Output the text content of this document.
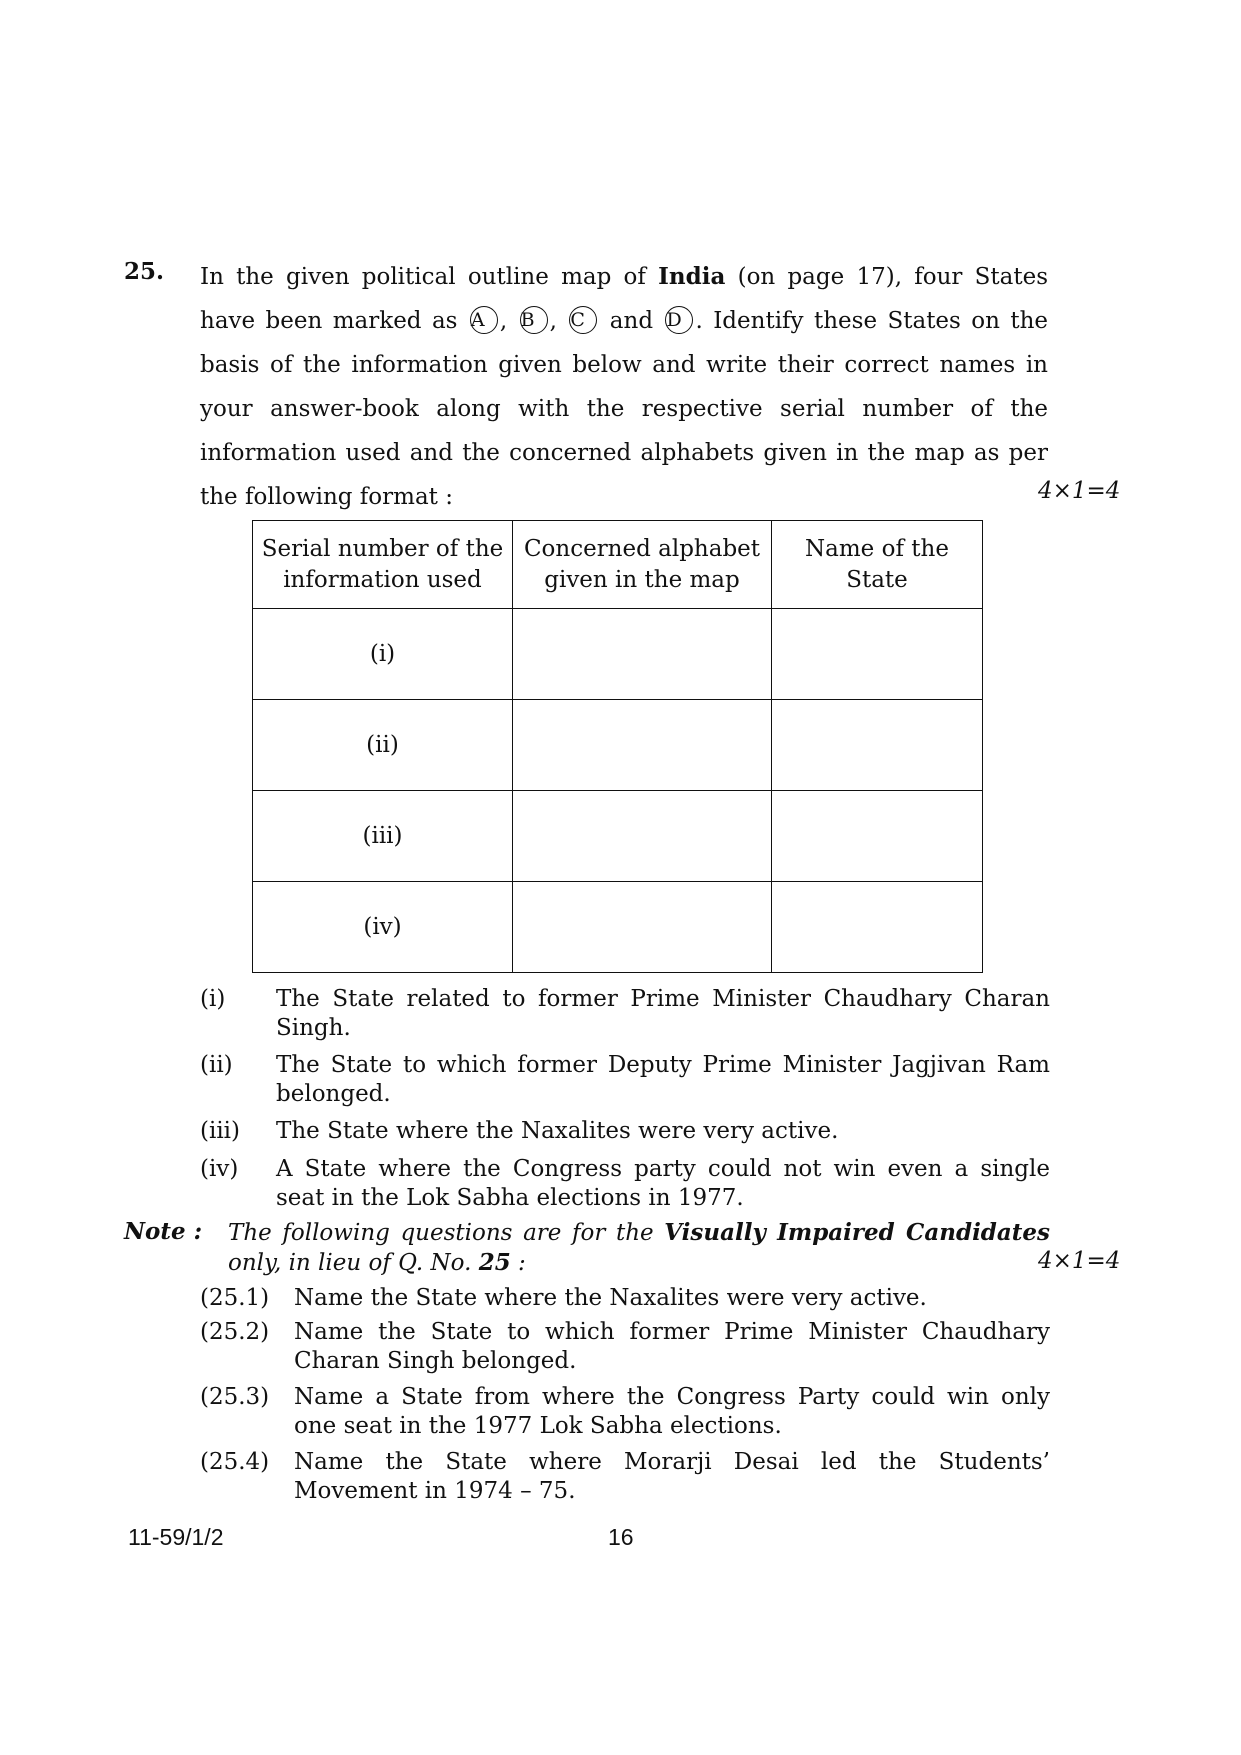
25. In the given political outline map of India (on page 17), four States
have been marked as A , B , C and D . Identify these States on the
basis of the information given below and write their correct names in
your answer-book along with the respective serial number of the
information used and the concerned alphabets given in the map as per
the following format :	4×1=4
Serial number of the information used	Concerned alphabet given in the map	Name of the State
(i)		
(ii)		
(iii)		
(iv)		
(i) The State related to former Prime Minister Chaudhary Charan Singh.
(ii) The State to which former Deputy Prime Minister Jagjivan Ram belonged.
(iii) The State where the Naxalites were very active.
(iv) A State where the Congress party could not win even a single seat in the Lok Sabha elections in 1977.
Note : The following questions are for the Visually Impaired Candidates
only, in lieu of Q. No. 25 :	4×1=4
(25.1) Name the State where the Naxalites were very active.
(25.2) Name the State to which former Prime Minister Chaudhary Charan Singh belonged.
(25.3) Name a State from where the Congress Party could win only one seat in the 1977 Lok Sabha elections.
(25.4) Name the State where Morarji Desai led the Students’ Movement in 1974 – 75.
11-59/1/2	16
